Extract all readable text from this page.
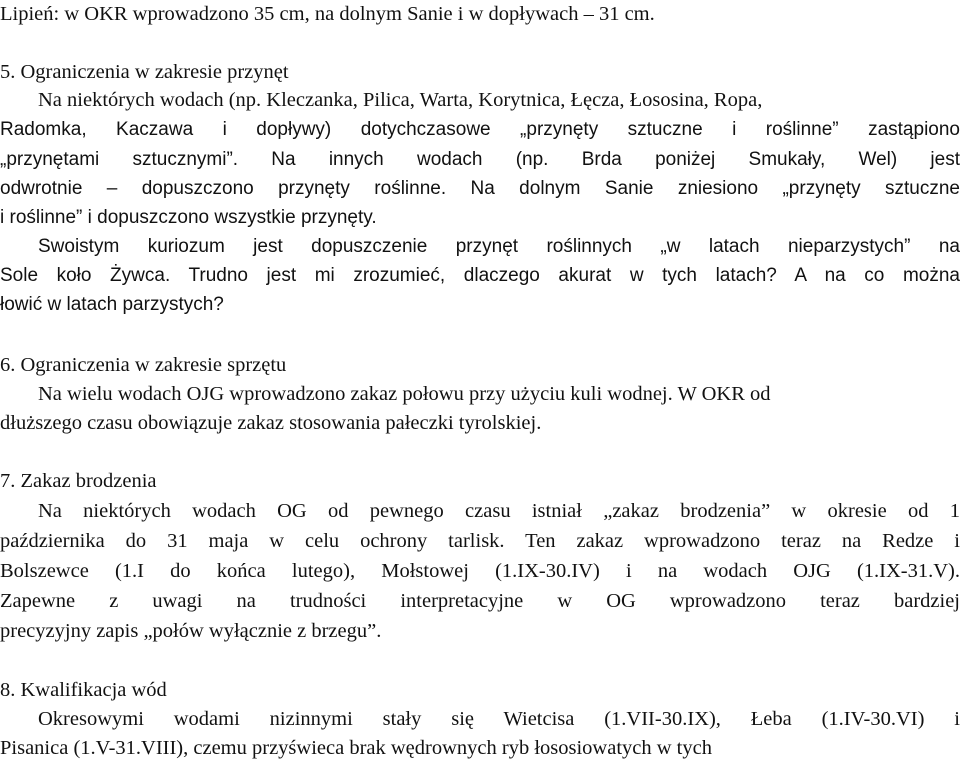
Lipień: w OKR wprowadzono 35 cm, na dolnym Sanie i w dopływach – 31 cm.
5. Ograniczenia w zakresie przynęt
Na niektórych wodach (np. Kleczanka, Pilica, Warta, Korytnica, Łęcza, Łososina, Ropa,
Radomka, Kaczawa i dopływy) dotychczasowe „przynęty sztuczne i roślinne” zastąpiono
„przynętami sztucznymi”. Na innych wodach (np. Brda poniżej Smukały, Wel) jest
odwrotnie – dopuszczono przynęty roślinne. Na dolnym Sanie zniesiono „przynęty sztuczne
i roślinne” i dopuszczono wszystkie przynęty.
Swoistym kuriozum jest dopuszczenie przynęt roślinnych „w latach nieparzystych” na
Sole koło Żywca. Trudno jest mi zrozumieć, dlaczego akurat w tych latach? A na co można
łowić w latach parzystych?
6. Ograniczenia w zakresie sprzętu
Na wielu wodach OJG wprowadzono zakaz połowu przy użyciu kuli wodnej. W OKR od
dłuższego czasu obowiązuje zakaz stosowania pałeczki tyrolskiej.
7. Zakaz brodzenia
Na niektórych wodach OG od pewnego czasu istniał „zakaz brodzenia” w okresie od 1
października do 31 maja w celu ochrony tarlisk. Ten zakaz wprowadzono teraz na Redze i
Bolszewce (1.I do końca lutego), Mołstowej (1.IX-30.IV) i na wodach OJG (1.IX-31.V).
Zapewne z uwagi na trudności interpretacyjne w OG wprowadzono teraz bardziej
precyzyjny zapis „połów wyłącznie z brzegu”.
8. Kwalifikacja wód
Okresowymi wodami nizinnymi stały się Wietcisa (1.VII-30.IX), Łeba (1.IV-30.VI) i
Pisanica (1.V-31.VIII), czemu przyświeca brak wędrownych ryb łososiowatych w tych
